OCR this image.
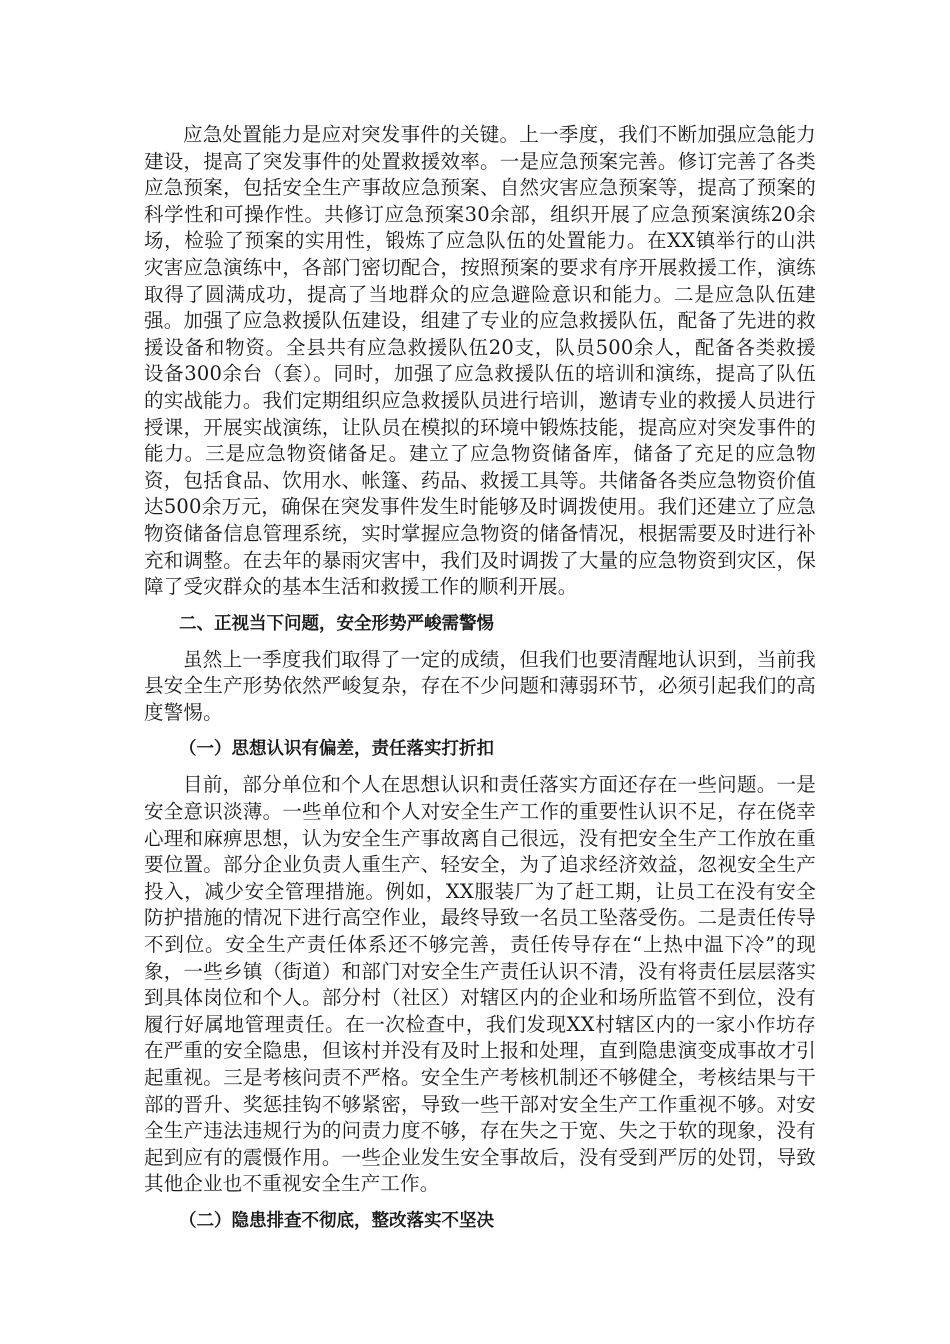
应急处置能力是应对突发事件的关键。上一季度，我们不断加强应急能力建设，提高了突发事件的处置救援效率。一是应急预案完善。修订完善了各类应急预案，包括安全生产事故应急预案、自然灾害应急预案等，提高了预案的科学性和可操作性。共修订应急预案30余部，组织开展了应急预案演练20余场，检验了预案的实用性，锻炼了应急队伍的处置能力。在XX镇举行的山洪灾害应急演练中，各部门密切配合，按照预案的要求有序开展救援工作，演练取得了圆满成功，提高了当地群众的应急避险意识和能力。二是应急队伍建强。加强了应急救援队伍建设，组建了专业的应急救援队伍，配备了先进的救援设备和物资。全县共有应急救援队伍20支，队员500余人，配备各类救援设备300余台（套）。同时，加强了应急救援队伍的培训和演练，提高了队伍的实战能力。我们定期组织应急救援队员进行培训，邀请专业的救援人员进行授课，开展实战演练，让队员在模拟的环境中锻炼技能，提高应对突发事件的能力。三是应急物资储备足。建立了应急物资储备库，储备了充足的应急物资，包括食品、饮用水、帐篷、药品、救援工具等。共储备各类应急物资价值达500余万元，确保在突发事件发生时能够及时调拨使用。我们还建立了应急物资储备信息管理系统，实时掌握应急物资的储备情况，根据需要及时进行补充和调整。在去年的暴雨灾害中，我们及时调拨了大量的应急物资到灾区，保障了受灾群众的基本生活和救援工作的顺利开展。

二、正视当下问题，安全形势严峻需警惕

虽然上一季度我们取得了一定的成绩，但我们也要清醒地认识到，当前我县安全生产形势依然严峻复杂，存在不少问题和薄弱环节，必须引起我们的高度警惕。

（一）思想认识有偏差，责任落实打折扣

目前，部分单位和个人在思想认识和责任落实方面还存在一些问题。一是安全意识淡薄。一些单位和个人对安全生产工作的重要性认识不足，存在侥幸心理和麻痹思想，认为安全生产事故离自己很远，没有把安全生产工作放在重要位置。部分企业负责人重生产、轻安全，为了追求经济效益，忽视安全生产投入，减少安全管理措施。例如，XX服装厂为了赶工期，让员工在没有安全防护措施的情况下进行高空作业，最终导致一名员工坠落受伤。二是责任传导不到位。安全生产责任体系还不够完善，责任传导存在“上热中温下冷”的现象，一些乡镇（街道）和部门对安全生产责任认识不清，没有将责任层层落实到具体岗位和个人。部分村（社区）对辖区内的企业和场所监管不到位，没有履行好属地管理责任。在一次检查中，我们发现XX村辖区内的一家小作坊存在严重的安全隐患，但该村并没有及时上报和处理，直到隐患演变成事故才引起重视。三是考核问责不严格。安全生产考核机制还不够健全，考核结果与干部的晋升、奖惩挂钩不够紧密，导致一些干部对安全生产工作重视不够。对安全生产违法违规行为的问责力度不够，存在失之于宽、失之于软的现象，没有起到应有的震慑作用。一些企业发生安全事故后，没有受到严厉的处罚，导致其他企业也不重视安全生产工作。

（二）隐患排查不彻底，整改落实不坚决
